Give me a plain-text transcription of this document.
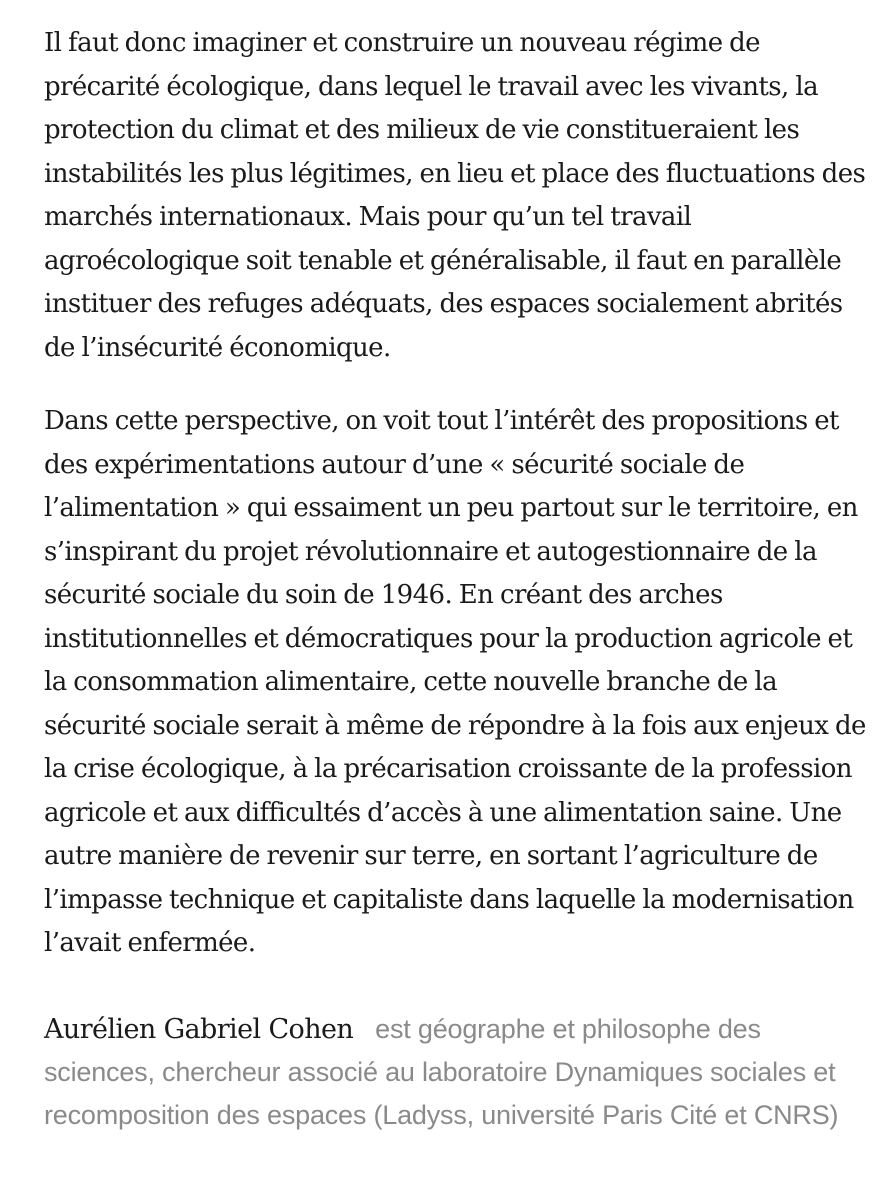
Il faut donc imaginer et construire un nouveau régime de précarité écologique, dans lequel le travail avec les vivants, la protection du climat et des milieux de vie constitueraient les instabilités les plus légitimes, en lieu et place des fluctuations des marchés internationaux. Mais pour qu’un tel travail agroécologique soit tenable et généralisable, il faut en parallèle instituer des refuges adéquats, des espaces socialement abrités de l’insécurité économique.

Dans cette perspective, on voit tout l’intérêt des propositions et des expérimentations autour d’une « sécurité sociale de l’alimentation » qui essaiment un peu partout sur le territoire, en s’inspirant du projet révolutionnaire et autogestionnaire de la sécurité sociale du soin de 1946. En créant des arches institutionnelles et démocratiques pour la production agricole et la consommation alimentaire, cette nouvelle branche de la sécurité sociale serait à même de répondre à la fois aux enjeux de la crise écologique, à la précarisation croissante de la profession agricole et aux difficultés d’accès à une alimentation saine. Une autre manière de revenir sur terre, en sortant l’agriculture de l’impasse technique et capitaliste dans laquelle la modernisation l’avait enfermée.

Aurélien Gabriel Cohen est géographe et philosophe des sciences, chercheur associé au laboratoire Dynamiques sociales et recomposition des espaces (Ladyss, université Paris Cité et CNRS)
